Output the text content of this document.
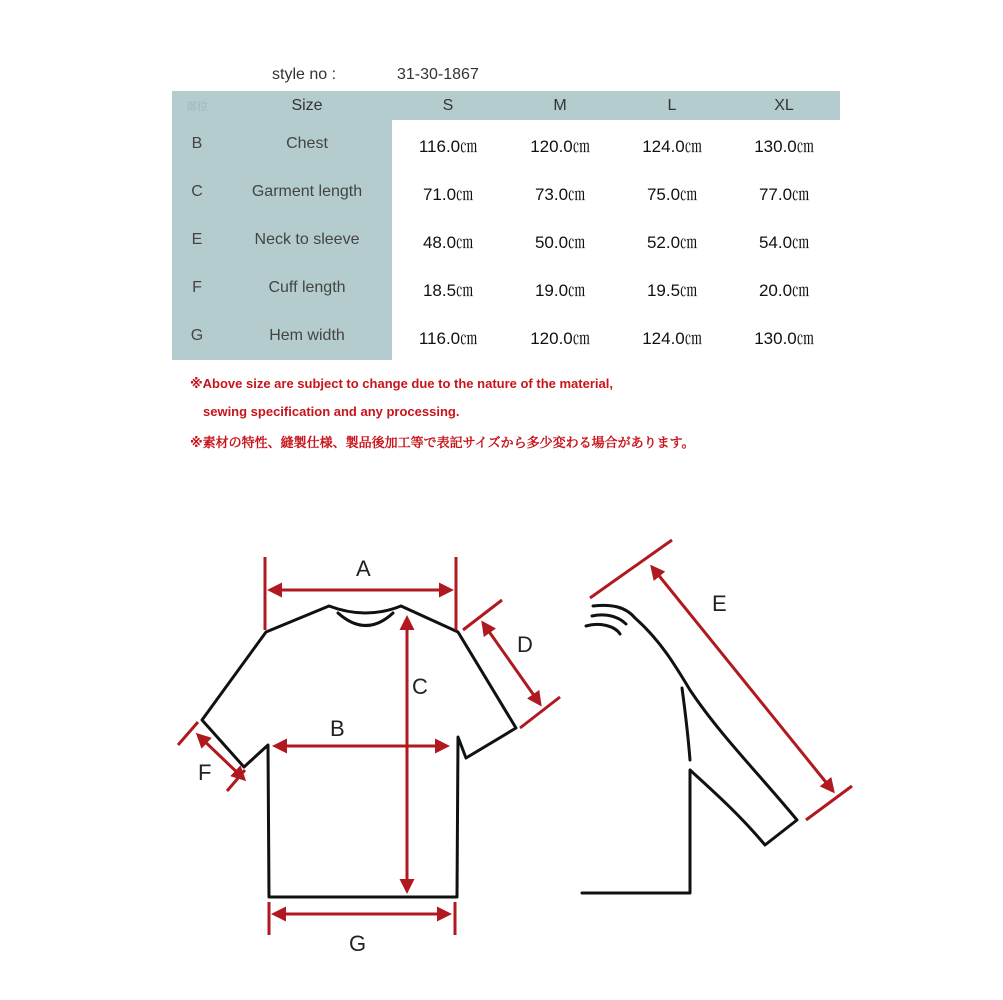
style no :	31-30-1867
部位	Size	S	M	L	XL
B	Chest	116.0㎝	120.0㎝	124.0㎝	130.0㎝
C	Garment length	71.0㎝	73.0㎝	75.0㎝	77.0㎝
E	Neck to sleeve	48.0㎝	50.0㎝	52.0㎝	54.0㎝
F	Cuff length	18.5㎝	19.0㎝	19.5㎝	20.0㎝
G	Hem width	116.0㎝	120.0㎝	124.0㎝	130.0㎝
※Above size are subject to change due to the nature of the material,
sewing specification and any processing.
※素材の特性、縫製仕様、製品後加工等で表記サイズから多少変わる場合があります。
A
B
C
D
E
F
G
